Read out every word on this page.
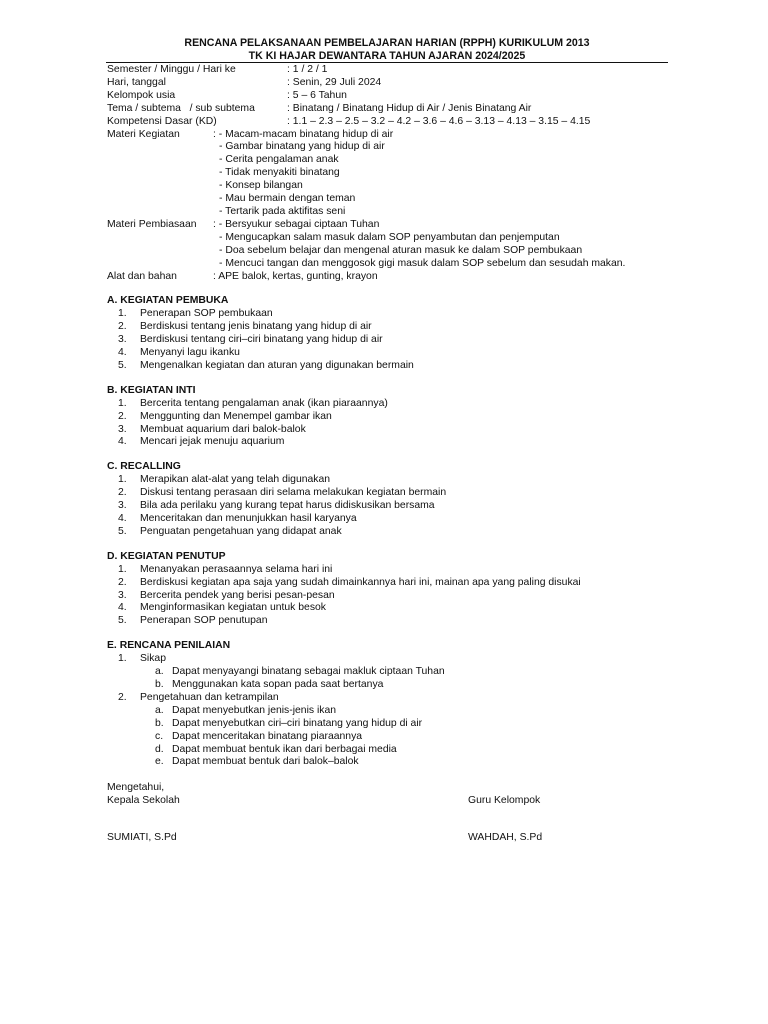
RENCANA PELAKSANAAN PEMBELAJARAN HARIAN (RPPH) KURIKULUM 2013
TK KI HAJAR DEWANTARA TAHUN AJARAN 2024/2025
Semester / Minggu / Hari ke	: 1 / 2 / 1
Hari, tanggal	: Senin, 29 Juli 2024
Kelompok usia	: 5 – 6 Tahun
Tema / subtema   / sub subtema	: Binatang / Binatang Hidup di Air / Jenis Binatang Air
Kompetensi Dasar (KD)	: 1.1 – 2.3 – 2.5 – 3.2 – 4.2 – 3.6 – 4.6 – 3.13 – 4.13 – 3.15 – 4.15
Materi Kegiatan	: - Macam-macam binatang hidup di air
- Gambar binatang yang hidup di air
- Cerita pengalaman anak
- Tidak menyakiti binatang
- Konsep bilangan
- Mau bermain dengan teman
- Tertarik pada aktifitas seni
Materi Pembiasaan	: - Bersyukur sebagai ciptaan Tuhan
- Mengucapkan salam masuk dalam SOP penyambutan dan penjemputan
- Doa sebelum belajar dan mengenal aturan masuk ke dalam SOP pembukaan
- Mencuci tangan dan menggosok gigi masuk dalam SOP sebelum dan sesudah makan.
Alat dan bahan	: APE balok, kertas, gunting, krayon
A. KEGIATAN PEMBUKA
1.	Penerapan SOP pembukaan
2.	Berdiskusi tentang jenis binatang yang hidup di air
3.	Berdiskusi tentang ciri–ciri binatang yang hidup di air
4.	Menyanyi lagu ikanku
5.	Mengenalkan kegiatan dan aturan yang digunakan bermain
B. KEGIATAN INTI
1.	Bercerita tentang pengalaman anak (ikan piaraannya)
2.	Menggunting dan Menempel gambar ikan
3.	Membuat aquarium dari balok-balok
4.	Mencari jejak menuju aquarium
C. RECALLING
1.	Merapikan alat-alat yang telah digunakan
2.	Diskusi tentang perasaan diri selama melakukan kegiatan bermain
3.	Bila ada perilaku yang kurang tepat harus didiskusikan bersama
4.	Menceritakan dan menunjukkan hasil karyanya
5.	Penguatan pengetahuan yang didapat anak
D. KEGIATAN PENUTUP
1.	Menanyakan perasaannya selama hari ini
2.	Berdiskusi kegiatan apa saja yang sudah dimainkannya hari ini, mainan apa yang paling disukai
3.	Bercerita pendek yang berisi pesan-pesan
4.	Menginformasikan kegiatan untuk besok
5.	Penerapan SOP penutupan
E. RENCANA PENILAIAN
1.	Sikap
a. Dapat menyayangi binatang sebagai makluk ciptaan Tuhan
b. Menggunakan kata sopan pada saat bertanya
2.	Pengetahuan dan ketrampilan
a. Dapat menyebutkan jenis-jenis ikan
b. Dapat menyebutkan ciri–ciri binatang yang hidup di air
c. Dapat menceritakan binatang piaraannya
d. Dapat membuat bentuk ikan dari berbagai media
e. Dapat membuat bentuk dari balok–balok
Mengetahui,
Kepala Sekolah	Guru Kelompok
SUMIATI, S.Pd	WAHDAH, S.Pd
